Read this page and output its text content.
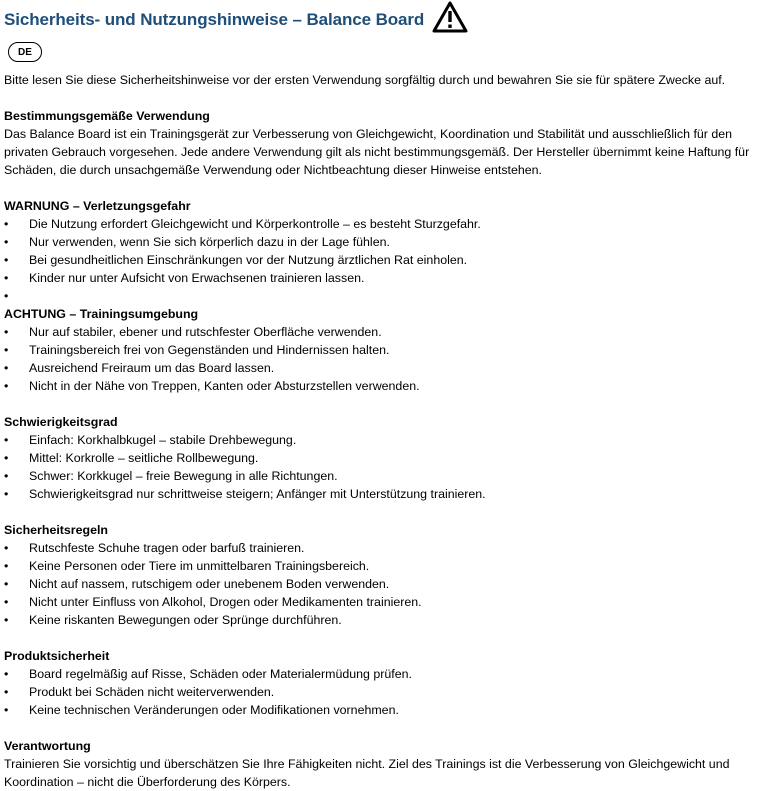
Sicherheits- und Nutzungshinweise – Balance Board
DE
Bitte lesen Sie diese Sicherheitshinweise vor der ersten Verwendung sorgfältig durch und bewahren Sie sie für spätere Zwecke auf.
Bestimmungsgemäße Verwendung
Das Balance Board ist ein Trainingsgerät zur Verbesserung von Gleichgewicht, Koordination und Stabilität und ausschließlich für den privaten Gebrauch vorgesehen. Jede andere Verwendung gilt als nicht bestimmungsgemäß. Der Hersteller übernimmt keine Haftung für Schäden, die durch unsachgemäße Verwendung oder Nichtbeachtung dieser Hinweise entstehen.
WARNUNG – Verletzungsgefahr
• Die Nutzung erfordert Gleichgewicht und Körperkontrolle – es besteht Sturzgefahr.
• Nur verwenden, wenn Sie sich körperlich dazu in der Lage fühlen.
• Bei gesundheitlichen Einschränkungen vor der Nutzung ärztlichen Rat einholen.
• Kinder nur unter Aufsicht von Erwachsenen trainieren lassen.
•
ACHTUNG – Trainingsumgebung
• Nur auf stabiler, ebener und rutschfester Oberfläche verwenden.
• Trainingsbereich frei von Gegenständen und Hindernissen halten.
• Ausreichend Freiraum um das Board lassen.
• Nicht in der Nähe von Treppen, Kanten oder Absturzstellen verwenden.
Schwierigkeitsgrad
• Einfach: Korkhalbkugel – stabile Drehbewegung.
• Mittel: Korkrolle – seitliche Rollbewegung.
• Schwer: Korkkugel – freie Bewegung in alle Richtungen.
• Schwierigkeitsgrad nur schrittweise steigern; Anfänger mit Unterstützung trainieren.
Sicherheitsregeln
• Rutschfeste Schuhe tragen oder barfuß trainieren.
• Keine Personen oder Tiere im unmittelbaren Trainingsbereich.
• Nicht auf nassem, rutschigem oder unebenem Boden verwenden.
• Nicht unter Einfluss von Alkohol, Drogen oder Medikamenten trainieren.
• Keine riskanten Bewegungen oder Sprünge durchführen.
Produktsicherheit
• Board regelmäßig auf Risse, Schäden oder Materialermüdung prüfen.
• Produkt bei Schäden nicht weiterverwenden.
• Keine technischen Veränderungen oder Modifikationen vornehmen.
Verantwortung
Trainieren Sie vorsichtig und überschätzen Sie Ihre Fähigkeiten nicht. Ziel des Trainings ist die Verbesserung von Gleichgewicht und Koordination – nicht die Überforderung des Körpers.
